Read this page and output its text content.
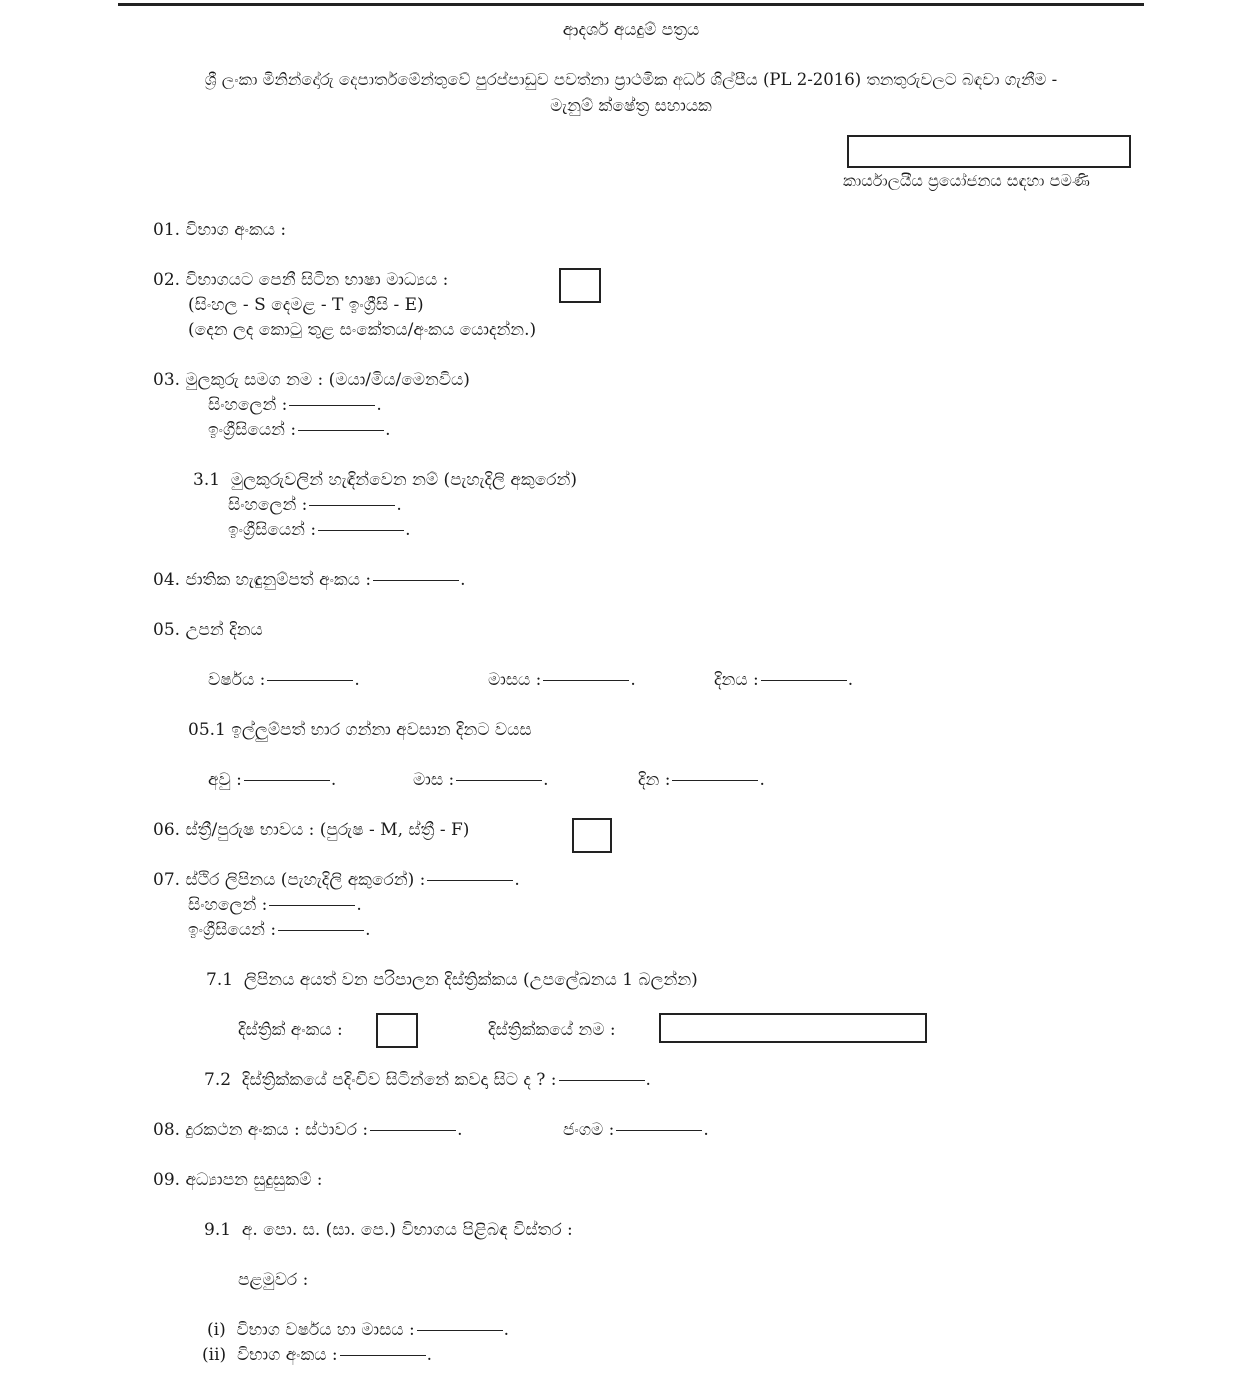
ආදර්ශ අයදුම් පත්‍රය
ශ්‍රී ලංකා මිනින්දෝරු දෙපාර්තමේන්තුවේ පුරප්පාඩුව පවත්නා ප්‍රාථමික අර්ධ ශිල්පීය (PL 2-2016) තනතුරුවලට බඳවා ගැනීම -
මැනුම් ක්ෂේත්‍ර සහායක
කාර්යාලයීය ප්‍රයෝජනය සඳහා පමණි
01. විභාග අංකය :
02. විභාගයට පෙනී සිටින භාෂා මාධ්‍යය :
(සිංහල - S දෙමළ - T ඉංග්‍රීසි - E)
(දෙන ලද කොටු තුළ සංකේතය/අංකය යොදන්න.)
03. මුලකුරු සමග නම : (මයා/මිය/මෙනවිය)
සිංහලෙන් :	.
ඉංග්‍රීසියෙන් :	.
3.1 මුලකුරුවලින් හැඳින්වෙන නම් (පැහැදිලි අකුරෙන්)
සිංහලෙන් :	.
ඉංග්‍රීසියෙන් :	.
04. ජාතික හැඳුනුම්පත් අංකය :	.
05. උපන් දිනය
වර්ෂය :	.	මාසය :	.	දිනය :	.
05.1 ඉල්ලුම්පත් භාර ගන්නා අවසාන දිනට වයස
අවු :	.	මාස :	.	දින :	.
06. ස්ත්‍රී/පුරුෂ භාවය : (පුරුෂ - M, ස්ත්‍රී - F)
07. ස්ථිර ලිපිනය (පැහැදිලි අකුරෙන්) :	.
සිංහලෙන් :	.
ඉංග්‍රීසියෙන් :	.
7.1 ලිපිනය අයත් වන පරිපාලන දිස්ත්‍රික්කය (උපලේඛනය 1 බලන්න)
දිස්ත්‍රික් අංකය :	දිස්ත්‍රික්කයේ නම :
7.2 දිස්ත්‍රික්කයේ පදිංචිව සිටින්නේ කවදා සිට ද ? :	.
08. දුරකථන අංකය : ස්ථාවර :	.	ජංගම :	.
09. අධ්‍යාපන සුදුසුකම් :
9.1 අ. පො. ස. (සා. පෙ.) විභාගය පිළිබඳ විස්තර :
පළමුවර :
(i) විභාග වර්ෂය හා මාසය :	.
(ii) විභාග අංකය :	.
